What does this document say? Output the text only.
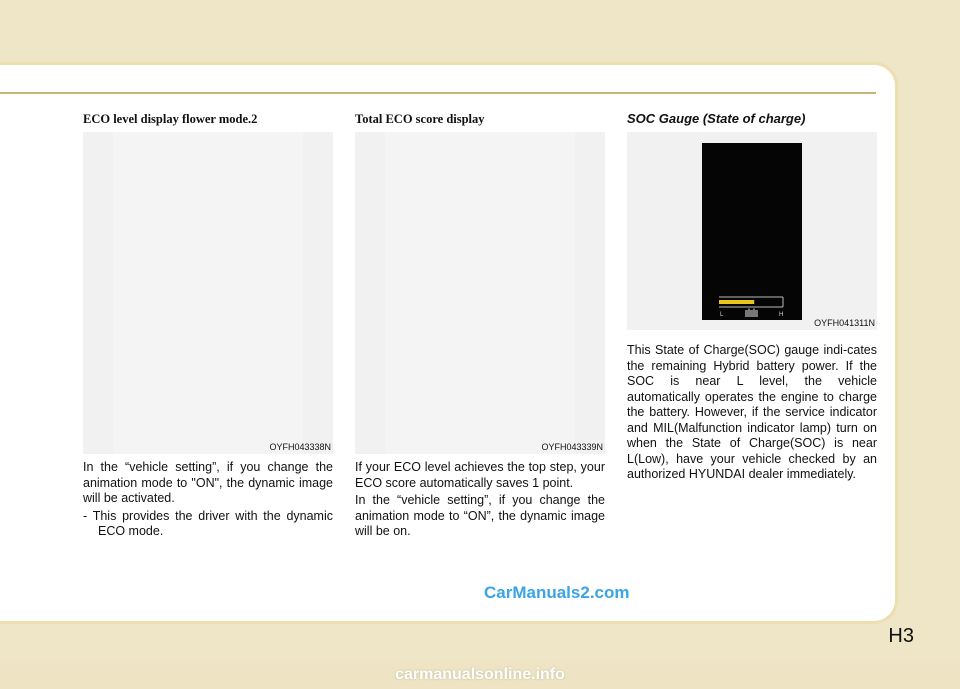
ECO level display flower mode.2

OYFH043338N

In the “vehicle setting”, if you change the animation mode to "ON", the dynamic image will be activated.

- This provides the driver with the dynamic ECO mode.

Total ECO score display

OYFH043339N

If your ECO level achieves the top step, your ECO score automatically saves 1 point.

In the “vehicle setting”, if you change the animation mode to “ON”, the dynamic image will be on.

SOC Gauge (State of charge)

L	H
OYFH041311N

This State of Charge(SOC) gauge indi-cates the remaining Hybrid battery power. If the SOC is near L level, the vehicle automatically operates the engine to charge the battery. However, if the service indicator and MIL(Malfunction indicator lamp) turn on when the State of Charge(SOC) is near L(Low), have your vehicle checked by an authorized HYUNDAI dealer immediately.

CarManuals2.com
H3
carmanualsonline.info
